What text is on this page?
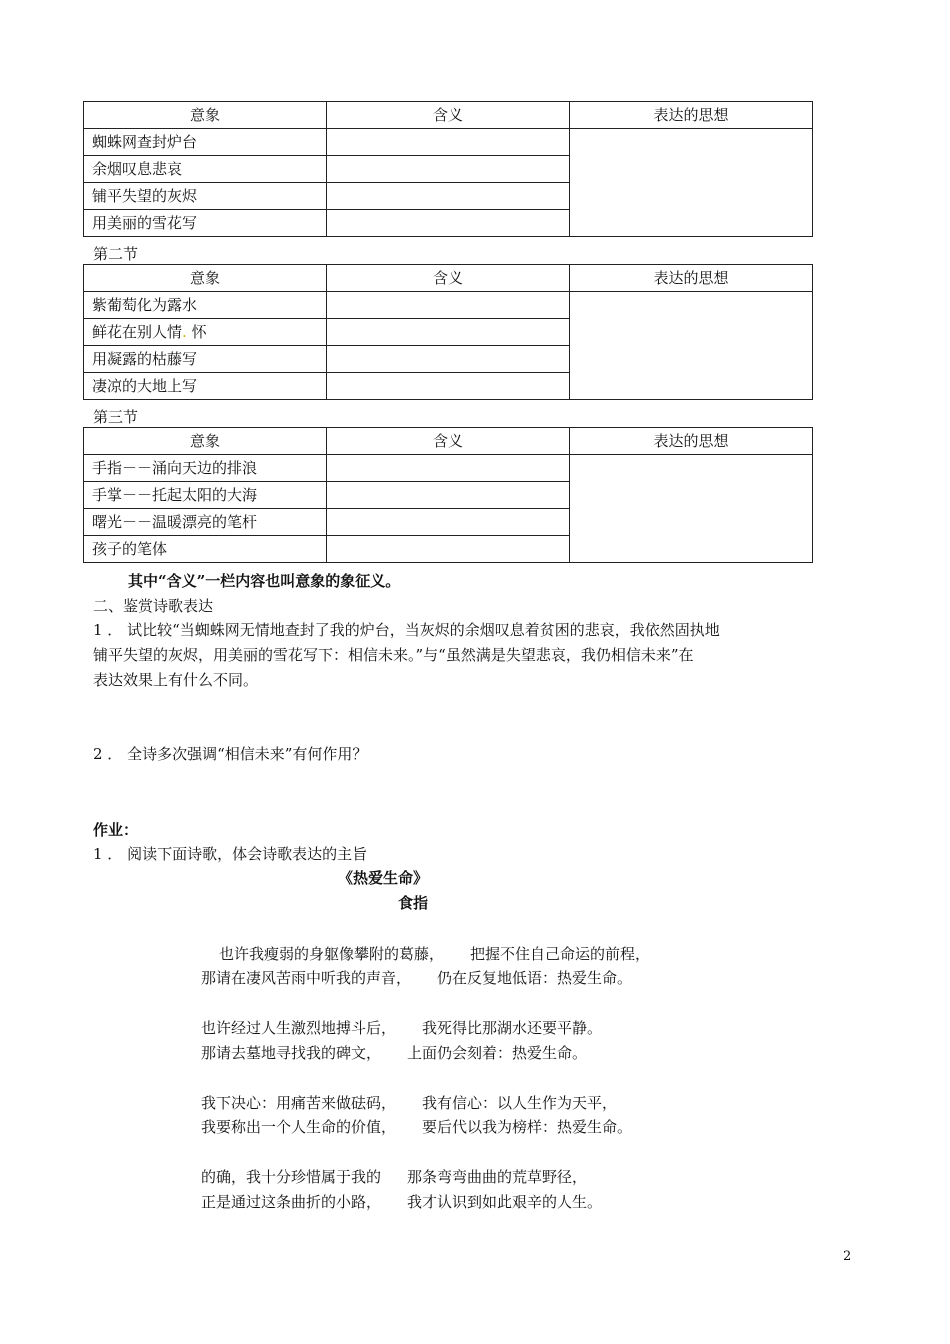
意象	含义	表达的思想
蜘蛛网查封炉台		
余烟叹息悲哀		
铺平失望的灰烬		
用美丽的雪花写		
第二节
意象	含义	表达的思想
紫葡萄化为露水		
鲜花在别人情. 怀		
用凝露的枯藤写		
凄凉的大地上写		
第三节
意象	含义	表达的思想
手指－－涌向天边的排浪		
手掌－－托起太阳的大海		
曙光－－温暖漂亮的笔杆		
孩子的笔体		
其中“含义”一栏内容也叫意象的象征义。
二、鉴赏诗歌表达
1 ． 试比较“当蜘蛛网无情地查封了我的炉台，当灰烬的余烟叹息着贫困的悲哀，我依然固执地
铺平失望的灰烬，用美丽的雪花写下：相信未来。”与“虽然满是失望悲哀，我仍相信未来”在
表达效果上有什么不同。
2 ． 全诗多次强调“相信未来”有何作用？
作业：
1 ． 阅读下面诗歌，体会诗歌表达的主旨
《热爱生命》
食指
也许我瘦弱的身躯像攀附的葛藤， 把握不住自己命运的前程，
那请在凄风苦雨中听我的声音， 仍在反复地低语：热爱生命。
也许经过人生激烈地搏斗后， 我死得比那湖水还要平静。
那请去墓地寻找我的碑文， 上面仍会刻着：热爱生命。
我下决心：用痛苦来做砝码， 我有信心：以人生作为天平，
我要称出一个人生命的价值， 要后代以我为榜样：热爱生命。
的确，我十分珍惜属于我的 那条弯弯曲曲的荒草野径，
正是通过这条曲折的小路， 我才认识到如此艰辛的人生。
2
